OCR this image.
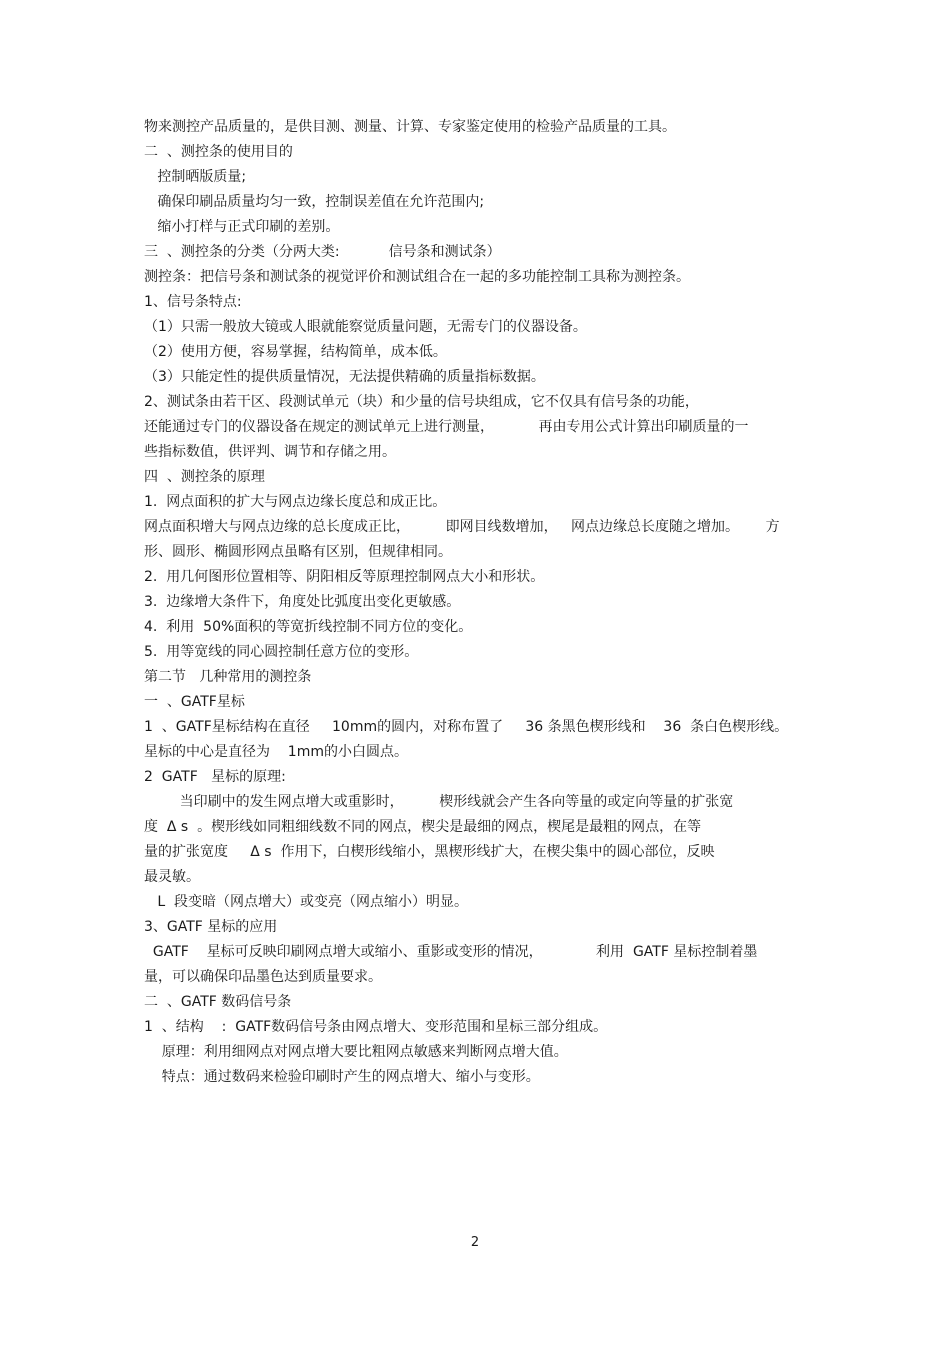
物来测控产品质量的，是供目测、测量、计算、专家鉴定使用的检验产品质量的工具。
二  、测控条的使用目的
控制晒版质量;
确保印刷品质量均匀一致，控制误差值在允许范围内;
缩小打样与正式印刷的差别。
三  、测控条的分类（分两大类:           信号条和测试条）
测控条：把信号条和测试条的视觉评价和测试组合在一起的多功能控制工具称为测控条。
1、信号条特点:
（1）只需一般放大镜或人眼就能察觉质量问题，无需专门的仪器设备。
（2）使用方便，容易掌握，结构简单，成本低。
（3）只能定性的提供质量情况，无法提供精确的质量指标数据。
2、测试条由若干区、段测试单元（块）和少量的信号块组成，它不仅具有信号条的功能，
还能通过专门的仪器设备在规定的测试单元上进行测量，          再由专用公式计算出印刷质量的一
些指标数值，供评判、调节和存储之用。
四  、测控条的原理
1.  网点面积的扩大与网点边缘长度总和成正比。
网点面积增大与网点边缘的总长度成正比，        即网目线数增加，   网点边缘总长度随之增加。      方
形、圆形、椭圆形网点虽略有区别，但规律相同。
2.  用几何图形位置相等、阴阳相反等原理控制网点大小和形状。
3.  边缘增大条件下，角度处比弧度出变化更敏感。
4.  利用  50%面积的等宽折线控制不同方位的变化。
5.  用等宽线的同心圆控制任意方位的变形。
第二节   几种常用的测控条
一  、GATF星标
1  、GATF星标结构在直径     10mm的圆内，对称布置了     36 条黑色楔形线和    36  条白色楔形线。
星标的中心是直径为    1mm的小白圆点。
2  GATF   星标的原理:
当印刷中的发生网点增大或重影时，        楔形线就会产生各向等量的或定向等量的扩张宽
度  Δ s  。楔形线如同粗细线数不同的网点，楔尖是最细的网点，楔尾是最粗的网点，在等
量的扩张宽度     Δ s  作用下，白楔形线缩小，黑楔形线扩大，在楔尖集中的圆心部位，反映
最灵敏。
L  段变暗（网点增大）或变亮（网点缩小）明显。
3、GATF 星标的应用
GATF    星标可反映印刷网点增大或缩小、重影或变形的情况，            利用  GATF 星标控制着墨
量，可以确保印品墨色达到质量要求。
二  、GATF 数码信号条
1  、结构    :  GATF数码信号条由网点增大、变形范围和星标三部分组成。
原理：利用细网点对网点增大要比粗网点敏感来判断网点增大值。
特点：通过数码来检验印刷时产生的网点增大、缩小与变形。
2
